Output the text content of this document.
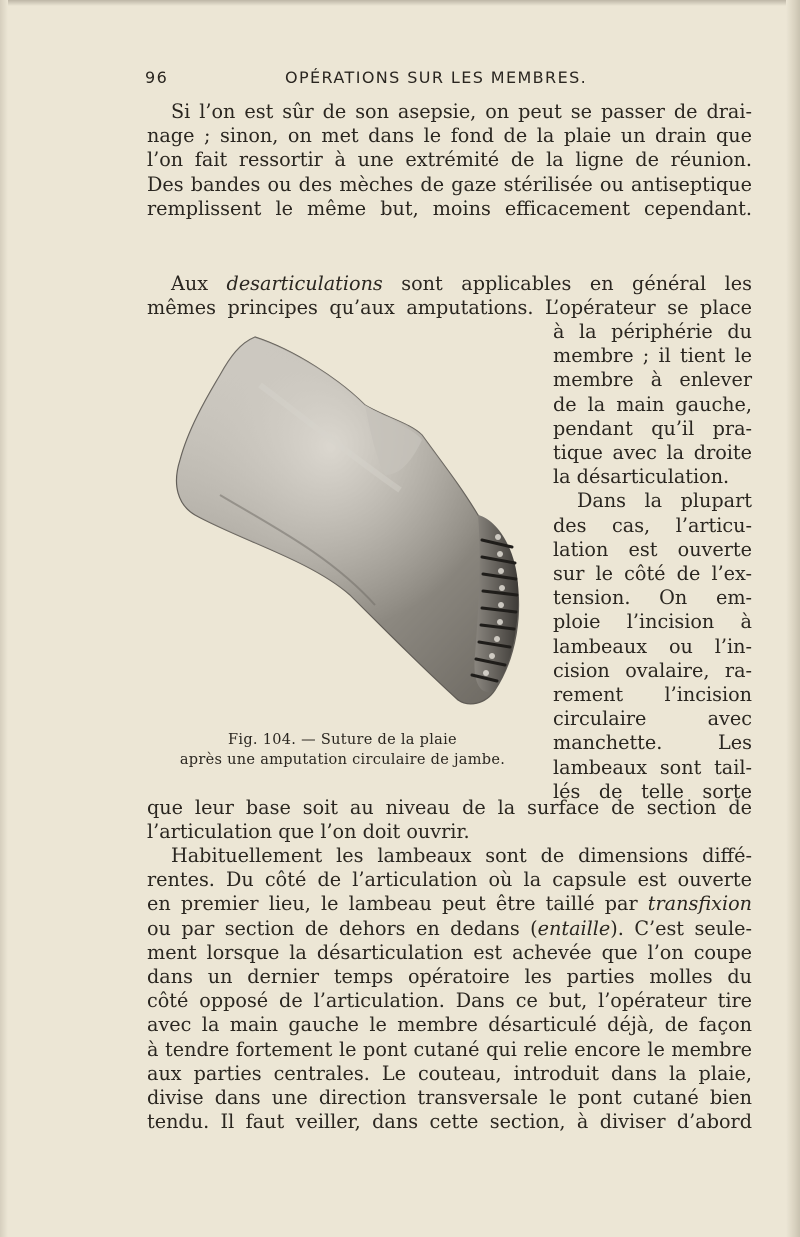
96	OPÉRATIONS SUR LES MEMBRES.

Si l’on est sûr de son asepsie, on peut se passer de drai-
nage ; sinon, on met dans le fond de la plaie un drain que
l’on fait ressortir à une extrémité de la ligne de réunion.
Des bandes ou des mèches de gaze stérilisée ou antiseptique
remplissent le même but, moins efficacement cependant.

Aux desarticulations sont applicables en général les
mêmes principes qu’aux amputations. L’opérateur se place

à la périphérie du
membre ; il tient le
membre à enlever
de la main gauche,
pendant qu’il pra-
tique avec la droite
la désarticulation.
Dans la plupart
des cas, l’articu-
lation est ouverte
sur le côté de l’ex-
tension. On em-
ploie l’incision à
lambeaux ou l’in-
cision ovalaire, ra-
rement l’incision
circulaire avec
manchette. Les
lambeaux sont tail-
lés de telle sorte

Fig. 104. — Suture de la plaie
après une amputation circulaire de jambe.

que leur base soit au niveau de la surface de section de
l’articulation que l’on doit ouvrir.

Habituellement les lambeaux sont de dimensions diffé-
rentes. Du côté de l’articulation où la capsule est ouverte
en premier lieu, le lambeau peut être taillé par transfixion
ou par section de dehors en dedans (entaille). C’est seule-
ment lorsque la désarticulation est achevée que l’on coupe
dans un dernier temps opératoire les parties molles du
côté opposé de l’articulation. Dans ce but, l’opérateur tire
avec la main gauche le membre désarticulé déjà, de façon
à tendre fortement le pont cutané qui relie encore le membre
aux parties centrales. Le couteau, introduit dans la plaie,
divise dans une direction transversale le pont cutané bien
tendu. Il faut veiller, dans cette section, à diviser d’abord
